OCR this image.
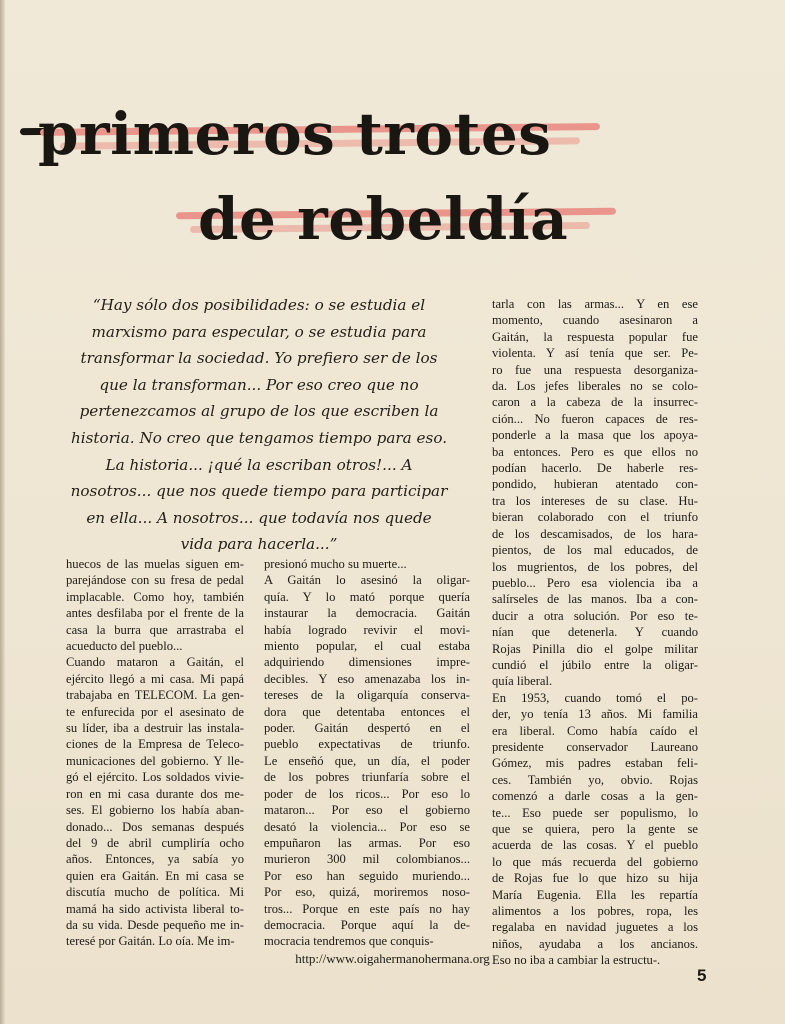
primeros trotes
de rebeldía
“Hay sólo dos posibilidades: o se estudia el
marxismo para especular, o se estudia para
transformar la sociedad. Yo prefiero ser de los
que la transforman... Por eso creo que no
pertenezcamos al grupo de los que escriben la
historia. No creo que tengamos tiempo para eso.
La historia... ¡qué la escriban otros!... A
nosotros... que nos quede tiempo para participar
en ella... A nosotros... que todavía nos quede
vida para hacerla...”
huecos de las muelas siguen em-
parejándose con su fresa de pedal
implacable. Como hoy, también
antes desfilaba por el frente de la
casa la burra que arrastraba el
acueducto del pueblo...
Cuando mataron a Gaitán, el
ejército llegó a mi casa. Mi papá
trabajaba en TELECOM. La gen-
te enfurecida por el asesinato de
su líder, iba a destruir las instala-
ciones de la Empresa de Teleco-
municaciones del gobierno. Y lle-
gó el ejército. Los soldados vivie-
ron en mi casa durante dos me-
ses. El gobierno los había aban-
donado... Dos semanas después
del 9 de abril cumpliría ocho
años. Entonces, ya sabía yo
quien era Gaitán. En mi casa se
discutía mucho de política. Mi
mamá ha sido activista liberal to-
da su vida. Desde pequeño me in-
teresé por Gaitán. Lo oía. Me im-
presionó mucho su muerte...
A Gaitán lo asesinó la oligar-
quía. Y lo mató porque quería
instaurar la democracia. Gaitán
había logrado revivir el movi-
miento popular, el cual estaba
adquiriendo dimensiones impre-
decibles. Y eso amenazaba los in-
tereses de la oligarquía conserva-
dora que detentaba entonces el
poder. Gaitán despertó en el
pueblo expectativas de triunfo.
Le enseñó que, un día, el poder
de los pobres triunfaría sobre el
poder de los ricos... Por eso lo
mataron... Por eso el gobierno
desató la violencia... Por eso se
empuñaron las armas. Por eso
murieron 300 mil colombianos...
Por eso han seguido muriendo...
Por eso, quizá, moriremos noso-
tros... Porque en este país no hay
democracia. Porque aquí la de-
mocracia tendremos que conquis-
tarla con las armas... Y en ese
momento, cuando asesinaron a
Gaitán, la respuesta popular fue
violenta. Y así tenía que ser. Pe-
ro fue una respuesta desorganiza-
da. Los jefes liberales no se colo-
caron a la cabeza de la insurrec-
ción... No fueron capaces de res-
ponderle a la masa que los apoya-
ba entonces. Pero es que ellos no
podían hacerlo. De haberle res-
pondido, hubieran atentado con-
tra los intereses de su clase. Hu-
bieran colaborado con el triunfo
de los descamisados, de los hara-
pientos, de los mal educados, de
los mugrientos, de los pobres, del
pueblo... Pero esa violencia iba a
salírseles de las manos. Iba a con-
ducir a otra solución. Por eso te-
nían que detenerla. Y cuando
Rojas Pinilla dio el golpe militar
cundió el júbilo entre la oligar-
quía liberal.
En 1953, cuando tomó el po-
der, yo tenía 13 años. Mi familia
era liberal. Como había caído el
presidente conservador Laureano
Gómez, mis padres estaban feli-
ces. También yo, obvio. Rojas
comenzó a darle cosas a la gen-
te... Eso puede ser populismo, lo
que se quiera, pero la gente se
acuerda de las cosas. Y el pueblo
lo que más recuerda del gobierno
de Rojas fue lo que hizo su hija
María Eugenia. Ella les repartía
alimentos a los pobres, ropa, les
regalaba en navidad juguetes a los
niños, ayudaba a los ancianos.
Eso no iba a cambiar la estructu-.
http://www.oigahermanohermana.org
5
